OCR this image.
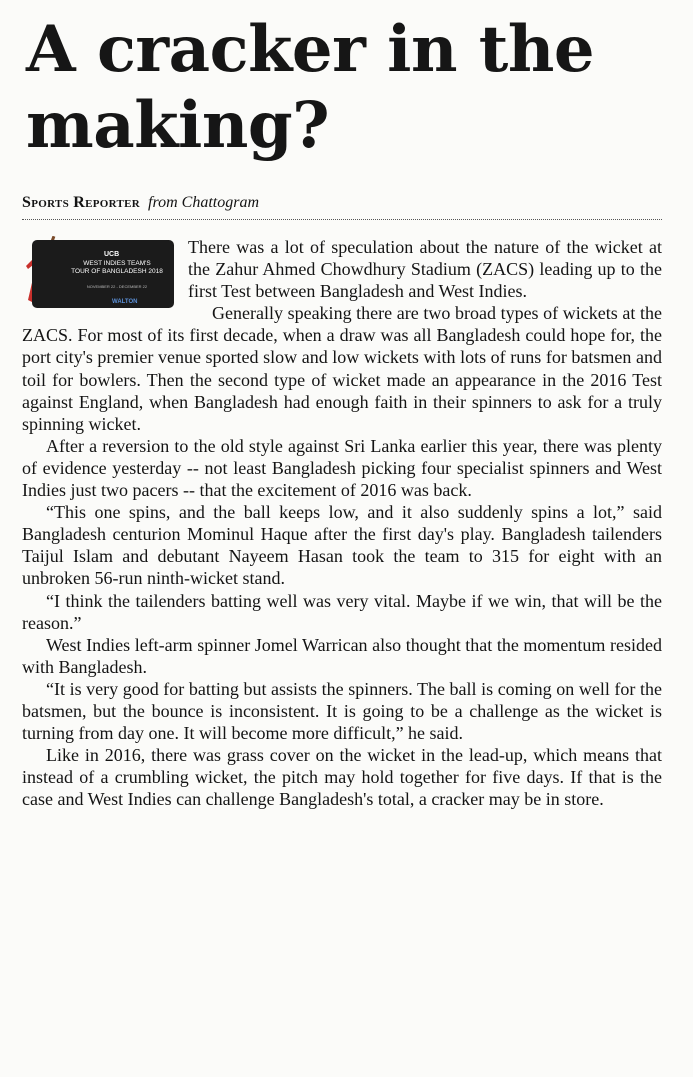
A cracker in the making?
Sports Reporter from Chattogram
UCB
WEST INDIES TEAM'S
TOUR OF BANGLADESH 2018
NOVEMBER 22 - DECEMBER 22
WALTON

There was a lot of speculation about the nature of the wicket at the Zahur Ahmed Chowdhury Stadium (ZACS) leading up to the first Test between Bangladesh and West Indies.

Generally speaking there are two broad types of wickets at the ZACS. For most of its first decade, when a draw was all Bangladesh could hope for, the port city's premier venue sported slow and low wickets with lots of runs for batsmen and toil for bowlers. Then the second type of wicket made an appearance in the 2016 Test against England, when Bangladesh had enough faith in their spinners to ask for a truly spinning wicket.

After a reversion to the old style against Sri Lanka earlier this year, there was plenty of evidence yesterday -- not least Bangladesh picking four specialist spinners and West Indies just two pacers -- that the excitement of 2016 was back.

“This one spins, and the ball keeps low, and it also suddenly spins a lot,” said Bangladesh centurion Mominul Haque after the first day's play. Bangladesh tailenders Taijul Islam and debutant Nayeem Hasan took the team to 315 for eight with an unbroken 56-run ninth-wicket stand.

“I think the tailenders batting well was very vital. Maybe if we win, that will be the reason.”

West Indies left-arm spinner Jomel Warrican also thought that the momentum resided with Bangladesh.

“It is very good for batting but assists the spinners. The ball is coming on well for the batsmen, but the bounce is inconsistent. It is going to be a challenge as the wicket is turning from day one. It will become more difficult,” he said.

Like in 2016, there was grass cover on the wicket in the lead-up, which means that instead of a crumbling wicket, the pitch may hold together for five days. If that is the case and West Indies can challenge Bangladesh's total, a cracker may be in store.
